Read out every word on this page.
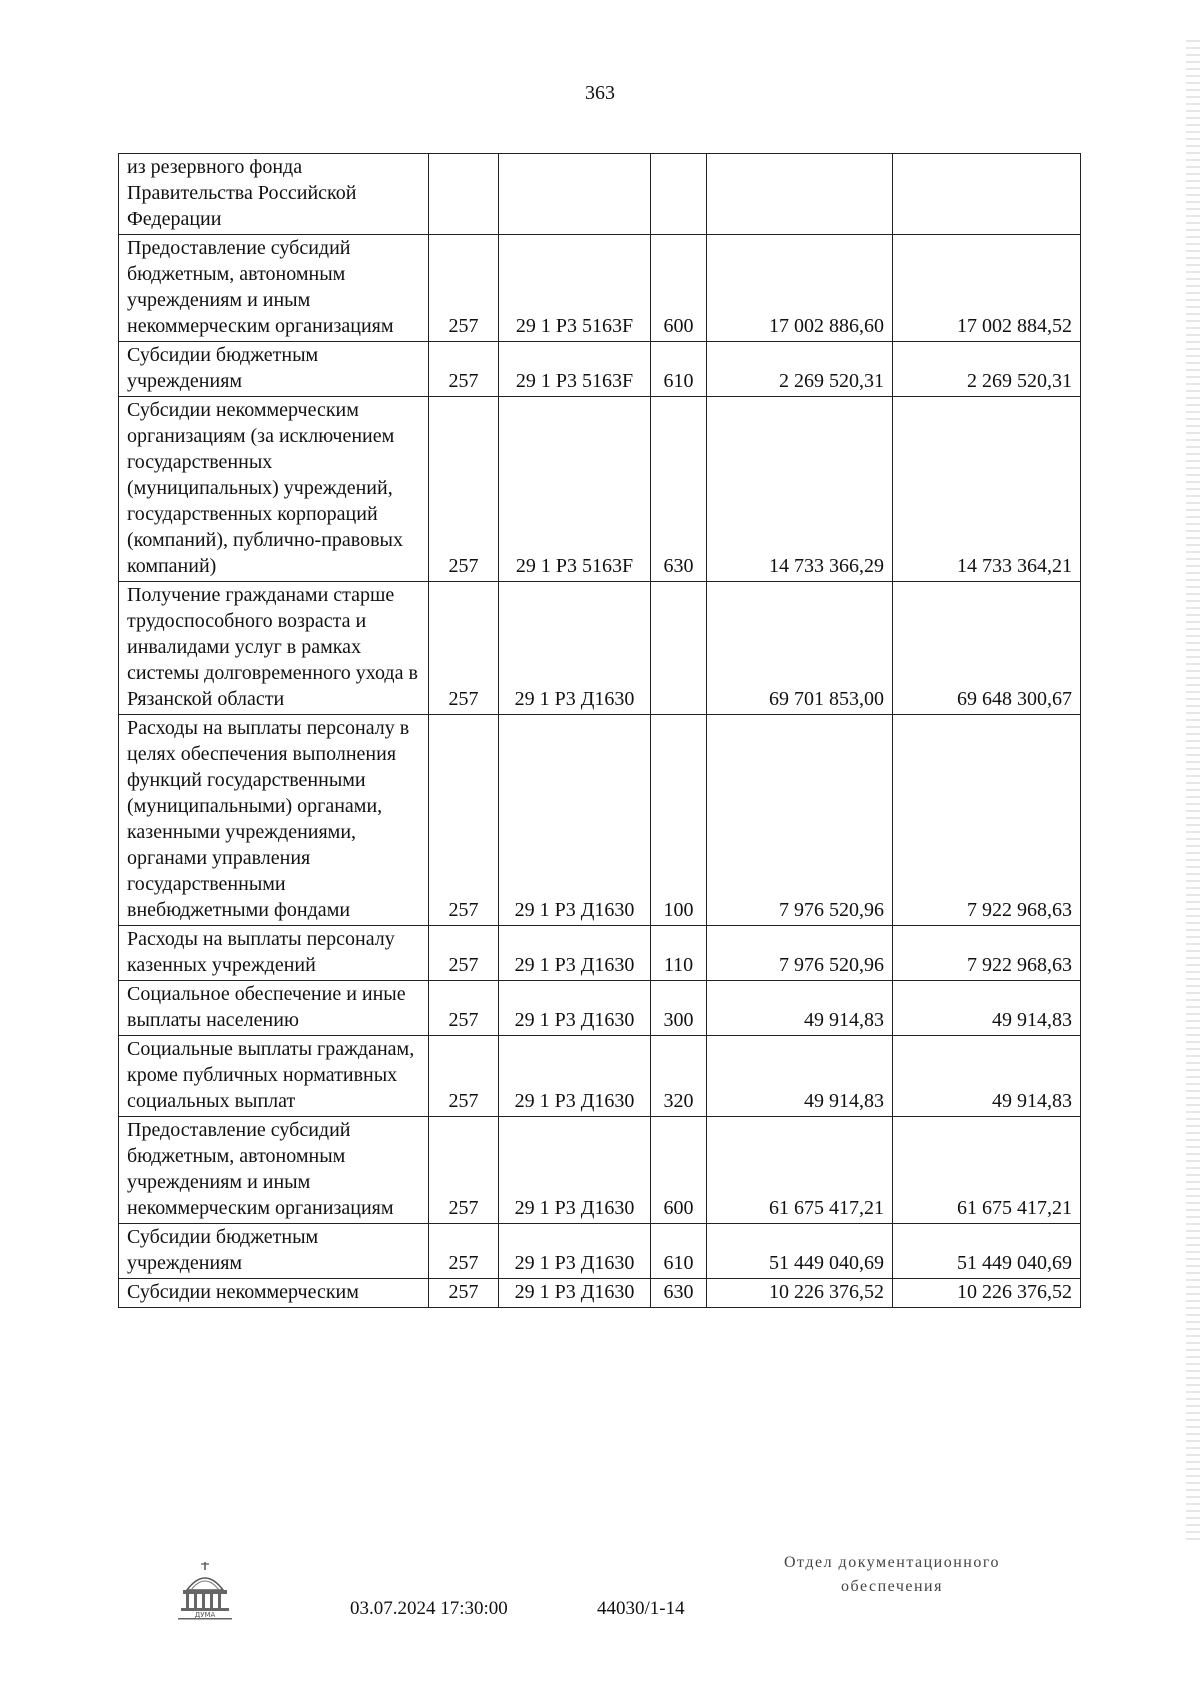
363
из резервного фонда Правительства Российской Федерации					
Предоставление субсидий бюджетным, автономным учреждениям и иным некоммерческим организациям	257	29 1 Р3 5163F	600	17 002 886,60	17 002 884,52
Субсидии бюджетным учреждениям	257	29 1 Р3 5163F	610	2 269 520,31	2 269 520,31
Субсидии некоммерческим организациям (за исключением государственных (муниципальных) учреждений, государственных корпораций (компаний), публично-правовых компаний)	257	29 1 Р3 5163F	630	14 733 366,29	14 733 364,21
Получение гражданами старше трудоспособного возраста и инвалидами услуг в рамках системы долговременного ухода в Рязанской области	257	29 1 Р3 Д1630		69 701 853,00	69 648 300,67
Расходы на выплаты персоналу в целях обеспечения выполнения функций государственными (муниципальными) органами, казенными учреждениями, органами управления государственными внебюджетными фондами	257	29 1 Р3 Д1630	100	7 976 520,96	7 922 968,63
Расходы на выплаты персоналу казенных учреждений	257	29 1 Р3 Д1630	110	7 976 520,96	7 922 968,63
Социальное обеспечение и иные выплаты населению	257	29 1 Р3 Д1630	300	49 914,83	49 914,83
Социальные выплаты гражданам, кроме публичных нормативных социальных выплат	257	29 1 Р3 Д1630	320	49 914,83	49 914,83
Предоставление субсидий бюджетным, автономным учреждениям и иным некоммерческим организациям	257	29 1 Р3 Д1630	600	61 675 417,21	61 675 417,21
Субсидии бюджетным учреждениям	257	29 1 Р3 Д1630	610	51 449 040,69	51 449 040,69
Субсидии некоммерческим	257	29 1 Р3 Д1630	630	10 226 376,52	10 226 376,52
ДУМА	03.07.2024 17:30:00	44030/1-14
Отдел документационного
обеспечения
